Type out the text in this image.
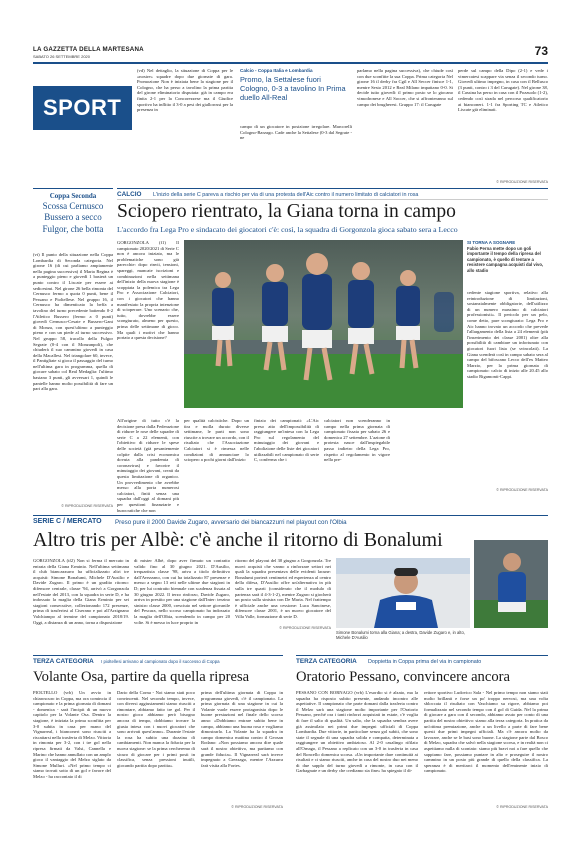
LA GAZZETTA DELLA MARTESANA
SABATO 26 SETTEMBRE 2020	73
SPORT
(vd) Nel dettaglio, la situazione di Coppa per le «nostre» squadre dopo due giornate di gara. Promozione Non è iniziata bene la stagione per il Cologno, che ha perso a tavolino la prima partita del girone eliminatorio disputata: già in campo era finita 2-1 per la Concorezzese ma il Giudice sportivo ha inflitto il 3-0 a pesi dei giallorossi per la presenza in
Calcio - Coppa Italia e Lombardia
Promo, la Settalese fuori Cologno, 0-3 a tavolino In Prima duello All-Real
campo di un giocatore in posizione irregolare. Marcorelli Cologno-Barzago. Cade anche la Settalese (0-3 dal Segrate - ne
parlamo nella pagina successiva), che chiude così con due sconfitte la sua Coppa. Prima categoria Nel girone 16 il derby fra Cgil e All Seccer finisce 1-1, mentre Sesto 2012 e Real Milano impattano 0-0. Si decide tutto giovedì: il primo posto se lo giocano vimodronese e All Soccer, che si affronteranno sul campo dei brugheresi. Gruppo 17: il Carugate
perde sul campo della Dipo (2-1) e vede i vimercatesi scappare via senza il secondo turno. Giovedì ultimo impegno, in casa con il Bellusco (3 punti, contro i 3 del Carugate). Nel girone 38, il Cassina ha perso in casa con il Pozzuolo (1-2), cedendo così strada nel percorso qualificatorio ai bianconeri. 1-1 fra Sporting TC e Atletico Liscate già eliminati.
© RIPRODUZIONE RISERVATA
Coppa Seconda
Scossa Cernusco Bussero a secco Fulgor, che botta
(vt) Il punto della situazione nella Coppa Lombardia di Seconda categoria. Nel girone 16 (di cui parliamo ampiamente nella pagina successiva) il Maria Regina è a punteggio pieno e giovedì 1 basterà un punto contro il Liscate per essere ai sedicesimi. Nel girone 26 bella rimonta del Cernusco fermo a quota 0 punti, bene il Pessano e Pioltellese. Nel gruppo 16, il Cernusco ha dimenticato la beffa a tavolino del turno precedente battendo 0-2 l'Atletico Bussero (fermo a 0 punti) giovedì Cernusco-Cesate e Bussero-Gani di Monza, con quest'ultimo a punteggio pieno e con un piede al turno successivo. Nel gruppo 58, tracollo della Fulgor Segrate (0-4 con il Monzanpoli), che chiuderà il suo cammino giovedì in casa della Macallesi. Nel triangolare 60, invece, il Pantigliate si gioca il passaggio del turno nell'ultima gara in programma, quella di giocare sabato col Real Medaglia: l'ultimo bastano 3 punti, gli avversari 1, quindi le pantelle hanno molto possibilità di fare un pari alla gara.
© RIPRODUZIONE RISERVATA
CALCIO L'inizio della serie C pareva a rischio per via di una protesta dell'Aic contro il numero limitato di calciatori in rosa
Sciopero rientrato, la Giana torna in campo
L'accordo fra Lega Pro e sindacato dei giocatori c'è: così, la squadra di Gorgonzola gioca sabato sera a Lecco
GORGONZOLA (f1) Il campionato 2020/2021 di Serie C non è ancora iniziato, ma le problematiche sono già parecchie: dopo rinvii, tensioni, spareggi, mancate iscrizioni e combinazioni nella settimana dell'inizio della nuova stagione è scoppiata la polemica tra Lega Pro e Associazione Calciatori, con i giocatori che hanno manifestato la propria intenzione di scioperare. Uno scenario che, tutto, dovrebbe essere scongiurato, almeno per questo, prima delle settimane di gioco. Ma quali i motivi che hanno portato a questa decisione?
All'origine di tutto c'è la decisione presa dalla Federazione di ridurre le rose delle squadre di serie C a 22 elementi, con l'obiettivo di ridurre le spese delle società (già pesantemente colpite dalla crisi economica dovuta alla pandemia di coronavirus) e favorire il minutaggio dei giovani, creati da questa limitazione di organico. Un provvedimento che avrebbe messo alla porta numerosi calciatori, finiti senza una squadra dall'oggi al domani più per questioni finanziarie e burocratiche che non
SI TORNA A SOGNARE
Fabio Perna mette dopo un goli importante il tempo della ripresa del campionato, è quello di tentare a resistere campagna acquisti dal vivo, allo stadio
per qualità calcistiche. Dopo un tira e molla durato diverse settimane, le parti non sono riuscite a trovare un accordo, con il risultato che l'Associazione Calciatori si è rimessa nelle condizioni di annunciare lo sciopero a pochi giorni dall'inizio
finizio dei campionati: «L'Aic preso atto dell'impossibilità di raggiungere un'intesa con la Lega Pro sul regolamento del minutaggio dei giovani e l'abolizione delle liste dei giocatori utilizzabili nel campionato di serie C, conferma che i
calciatori non scenderanno in campo nella prima giornata di campionato fissata per sabato 26 e domenica 27 settembre. L'azione di protesta nasce dall'inspiegabile passo indietro della Lega Pro, rispetto al regolamento in vigore nella pre-
cedente stagione sportiva, relativo alla reintroduzione di limitazioni, sostanzialmente obbligatorie, dell'utilizzo di un numero massimo di calciatori professionisti». Il pericolo per un pelo, come detto, pare scongiurato: Lega Pro e Aic hanno trovato un accordo che prevede l'allargamento della lista a 24 elementi (più l'inserimento dei classe 2001) oltre alla possibilità di cambiare un infortunato con giocatori fuori lista (se svincolati). La Giana scenderà così in campo sabato sera al campo del bifoscano Lecco dell'ex Matteo Marzio, per la prima giornata di campionato: calcio di inizio alle 20.45 allo stadio Rigamonti-Cappi.
© RIPRODUZIONE RISERVATA
SERIE C / MERCATO Preso pure il 2000 Davide Zugaro, avversario dei biancazzurri nel playout con l'Olbia
Altro tris per Albè: c'è anche il ritorno di Bonalumi
GORGONZOLA (tf2) Non si ferma il mercato in entrata della Giana Erminio. Nell'ultima settimana il club biancazzurro ha ufficializzato altri tre acquisti: Simone Bonalumi, Michele D'Ausilio e Davide Zugaro. Il primo è un gradito ritorno: difensore centrale, classe '94, arrivò a Gorgonzola nell'estate del 2013, con la squadra in serie D, e ha indossato la maglia della Giana Erminio per sei stagioni consecutive, collezionando 172 presenze, prima di trasferirsi al Ciserano e poi all'Arzignano Valchiampo al termine del campionato 2018/19. Oggi, a distanza di un anno, torna a disposizione
di mister Albè, dopo aver firmato un contratto valido fino al 30 giugno 2021. D'Ausilio, trequartista classe '98, ariva a titolo definitivo dall'Avezzano, con cui ha totalizzato 87 presenze e messo a segno 13 reti nelle ultime due stagioni in D; per lui contratto biennale con scadenza fissata al 30 giugno 2022. Il terzo rinforzo, Davide Zugaro, arriva in prestito per una stagione dall'Inter: terzino sinistro classe 2000, cresciuto nel settore giovanile del Pescara, nello scorso campionato ha indossato la maglia dell'Olbia, scendendo in campo per 20 volte. Si è messo in luce proprio in
ritorno del playout del 30 giugno a Gorgonzola. Tre nuovi acquisti che vanno a rinforzare settori nei quali la squadra presentava delle evidenti lacune: Bonalumi porterà centimetri ed esperienza al centro della difesa, D'Ausilio offre un'alternativa in più sulla tre quarti (considerato che il modulo di partenza sarà il 4-3-1-2), mentre Zugaro si giocherà un posto sulla sinistra con De Maria. Nel frattempo è ufficiale anche una cessione: Luca Sancinese, difensore classe 2001, è un nuovo giocatore del Villa Valle, formazione di serie D.
© RIPRODUZIONE RISERVATA
Simone Bonalumi torna alla Giana; a destra, Davide Zugaro e, in alto, Michele D'Ausilio
TERZA CATEGORIA I pioltellesi arrivano al campionato dopo il successo di Coppa
Volante Osa, partire da quella ripresa
PIOLTELLO (vrb) Un avvio in chiaroscuro in Coppa, ma ora comincia il campionato e la prima giornata di domani - domenica - sarà l'incipit di un nuovo capitolo per la Volante Osa. Dentro la stagione, è iniziata la prima sconfitta per 3-0 subita in casa per mano del Vignarreal, i bianconeri sono riusciti a riscattarsi nella trasferta di Melzo. Vittoria in rimonta per 3-2, con i tre gol nella ripresa firmati da Valsi, Cannella e Marino che hanno annullato con un amplo gioco il vantaggio del Melzo siglato da Simone Mulluri. «Nel primo tempo ci siamo trovati sotto di un gol e favore del Melzo - ha raccontato il di
Dario della Corna - Noi siamo stati poco convincenti. Nel secondo tempo, invece, con diversi aggiustamenti siamo riusciti a rimontare, abbiamo fatto tre gol. Per il nostro gioco abbiamo però bisogno ancora di tempo, dobbiamo trovare la giusta intesa con i nuovi giocatori che sono arrivati quest'anno». Durante l'estate la rosa ha subito una dozzina di cambiamenti. Non manca la fiducia per la nuova stagione: se la prima cercheremo di sicuro di giocare per i primi posti in classifica, senza pressioni inutili, giocando partita dopo partita».
prima dell'ultima giornata di Coppa in programma giovedì, c'è il campionato. La prima giornata di una stagione in cui la Volante vuole essere protagonista dopo le buone prestazioni nel finale dello scorso anno: «Dobbiamo entrare subito bene in campo, abbiamo una buona rosa e vogliamo dimostrarlo. La Volante ha la squadra in campo domenica mattina contro il Geosan Rodano: «Non possiamo ancora dire quale sarà il nostro obiettivo, ma partiamo con grande fiducia». Il Vignarreal sarà invece impegnato a Grezzago, mentre l'Azzurra farà visita alla Fortes.
© RIPRODUZIONE RISERVATA
TERZA CATEGORIA Doppietta in Coppa prima del via in campionato
Oratorio Pessano, convincere ancora
PESSANO CON BORNAGO (vrb) L'esordio si è alzato, ma la squadra ha risposto subito presente, andando incontro alle aspettative. Il campionato che parte domani dalla trasferta contro il Melzo sarà una stagione molto importante per l'Oratorio Pessano, perché ora i tanti rinforzi acquistati in estate, c'è voglia di fare il salto di qualità. Un salto, che la squadra sembra avere già assimilato nei primi due impegni ufficiali di Coppa Lombardia. Due vittorie, in particolare senza gol subiti, che sono state il segnale di una squadra solida e compatta, determinata a raggiungere un obiettivo ambizioso. Al 2-0 casalingo rifilato all'Ornago, il Pessano a replicato con un 3-0 in trasferta in casa del Roncello domenica scorsa. «Un importante dare continuità ai risultati e ci siamo riusciti, anche in casa del nostro duo nei meno di due sapplo del turno giovedì a rimonte, in casa con il Garbagnate e un derby che crediamo sia fine» ha spiegato il di-
rettore sportivo Ludovico Sala - Nel primo tempo non siamo stati molto brillanti e forse un po' troppo nervosi, ma una volta sbloccata il risultato con Vaschiamo su rigore, abbiamo poi formalizzato nel secondo tempo con il gol di Guida. Nel la prima di giocare a gara con il secondo, abbiamo avuto per conto di una partita del nostro obiettivo: siamo alla terza categoria. In pratica da un'ottima premiazione, anche a un livello a parte di fare bene questi due primi impegni ufficiali. Ma c'è ancora molto da lavorare, anche se le basi sono buone. La stagione parte dal Bosco di Melzo, squadra che salvò nella stagione scorsa, e in realtà non ci aspettiamo nulla di scontato: siamo più bravi noi a fare quello che sappiamo fare, possiamo puntare in alto e proseguire il nostro cammino in un posto più grande di quello della classifica. La speranza è di meritarci il momento dell'eminente inizio di campionato.
© RIPRODUZIONE RISERVATA
